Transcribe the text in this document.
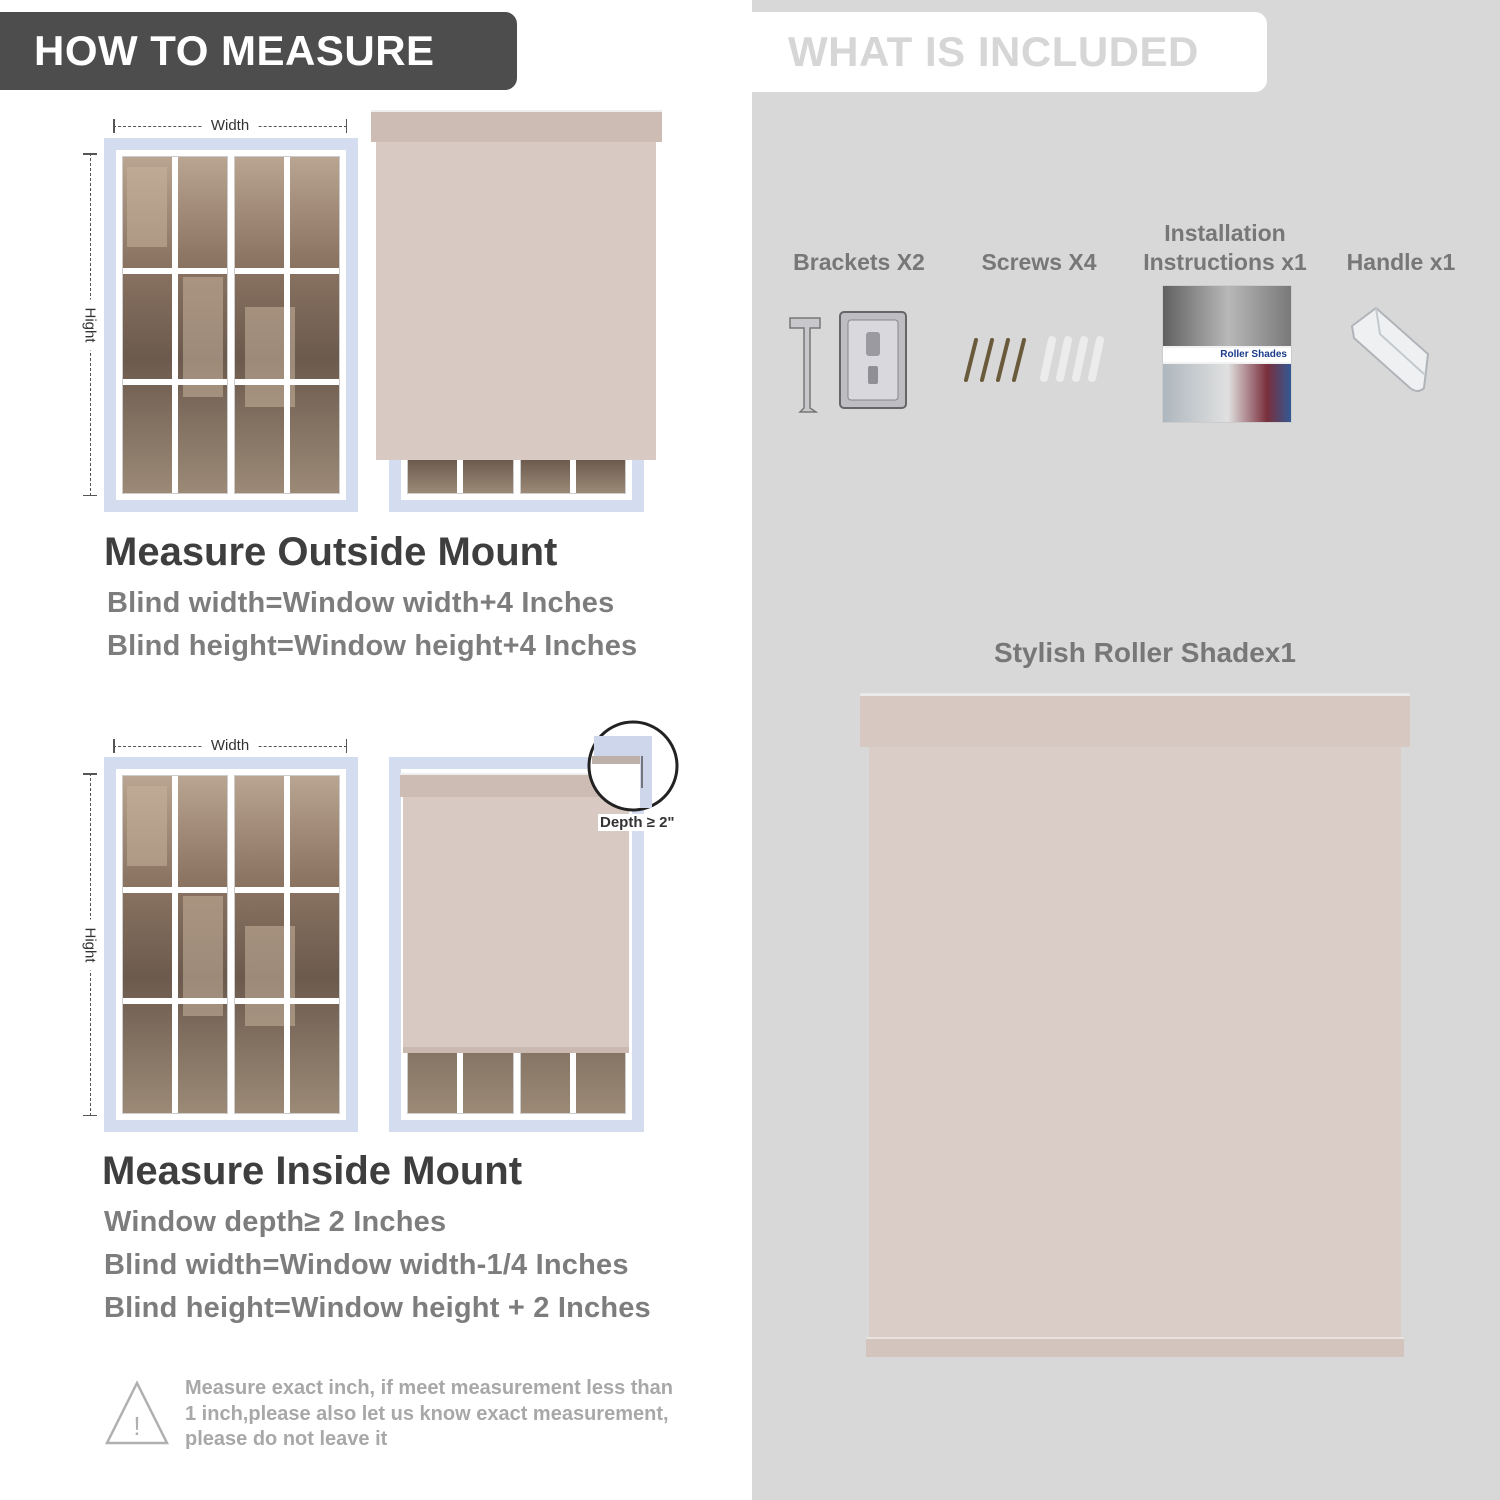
HOW TO MEASURE	WHAT IS INCLUDED
Width
Hight
Measure Outside Mount
Blind width=Window width+4 Inches
Blind height=Window height+4 Inches
Width
Hight
Depth ≥ 2"
Measure Inside Mount
Window depth≥ 2 Inches
Blind width=Window width-1/4 Inches
Blind height=Window height + 2 Inches
!
Measure exact inch, if meet measurement less than 1 inch,please also let us know exact measurement, please do not leave it
Brackets X2	Screws X4
Installation
Instructions x1	Handle x1
Roller Shades
Stylish Roller Shadex1
